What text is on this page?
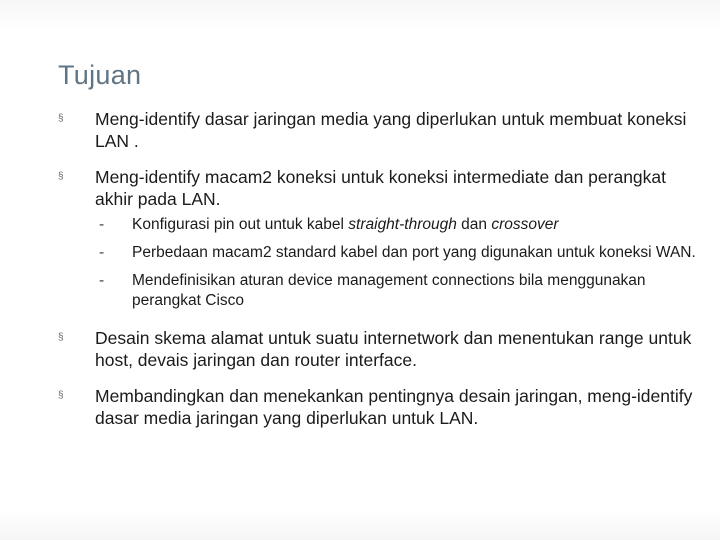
Tujuan
§ Meng-identify dasar jaringan media yang diperlukan untuk membuat koneksi LAN .
§ Meng-identify macam2 koneksi untuk koneksi intermediate dan perangkat akhir pada LAN.
- Konfigurasi pin out untuk kabel straight-through dan crossover
- Perbedaan macam2 standard kabel dan port yang digunakan untuk koneksi WAN.
- Mendefinisikan aturan device management connections bila menggunakan perangkat Cisco
§ Desain skema alamat untuk suatu internetwork dan menentukan range untuk host, devais jaringan dan router interface.
§ Membandingkan dan menekankan pentingnya desain jaringan, meng-identify dasar media jaringan yang diperlukan untuk LAN.
